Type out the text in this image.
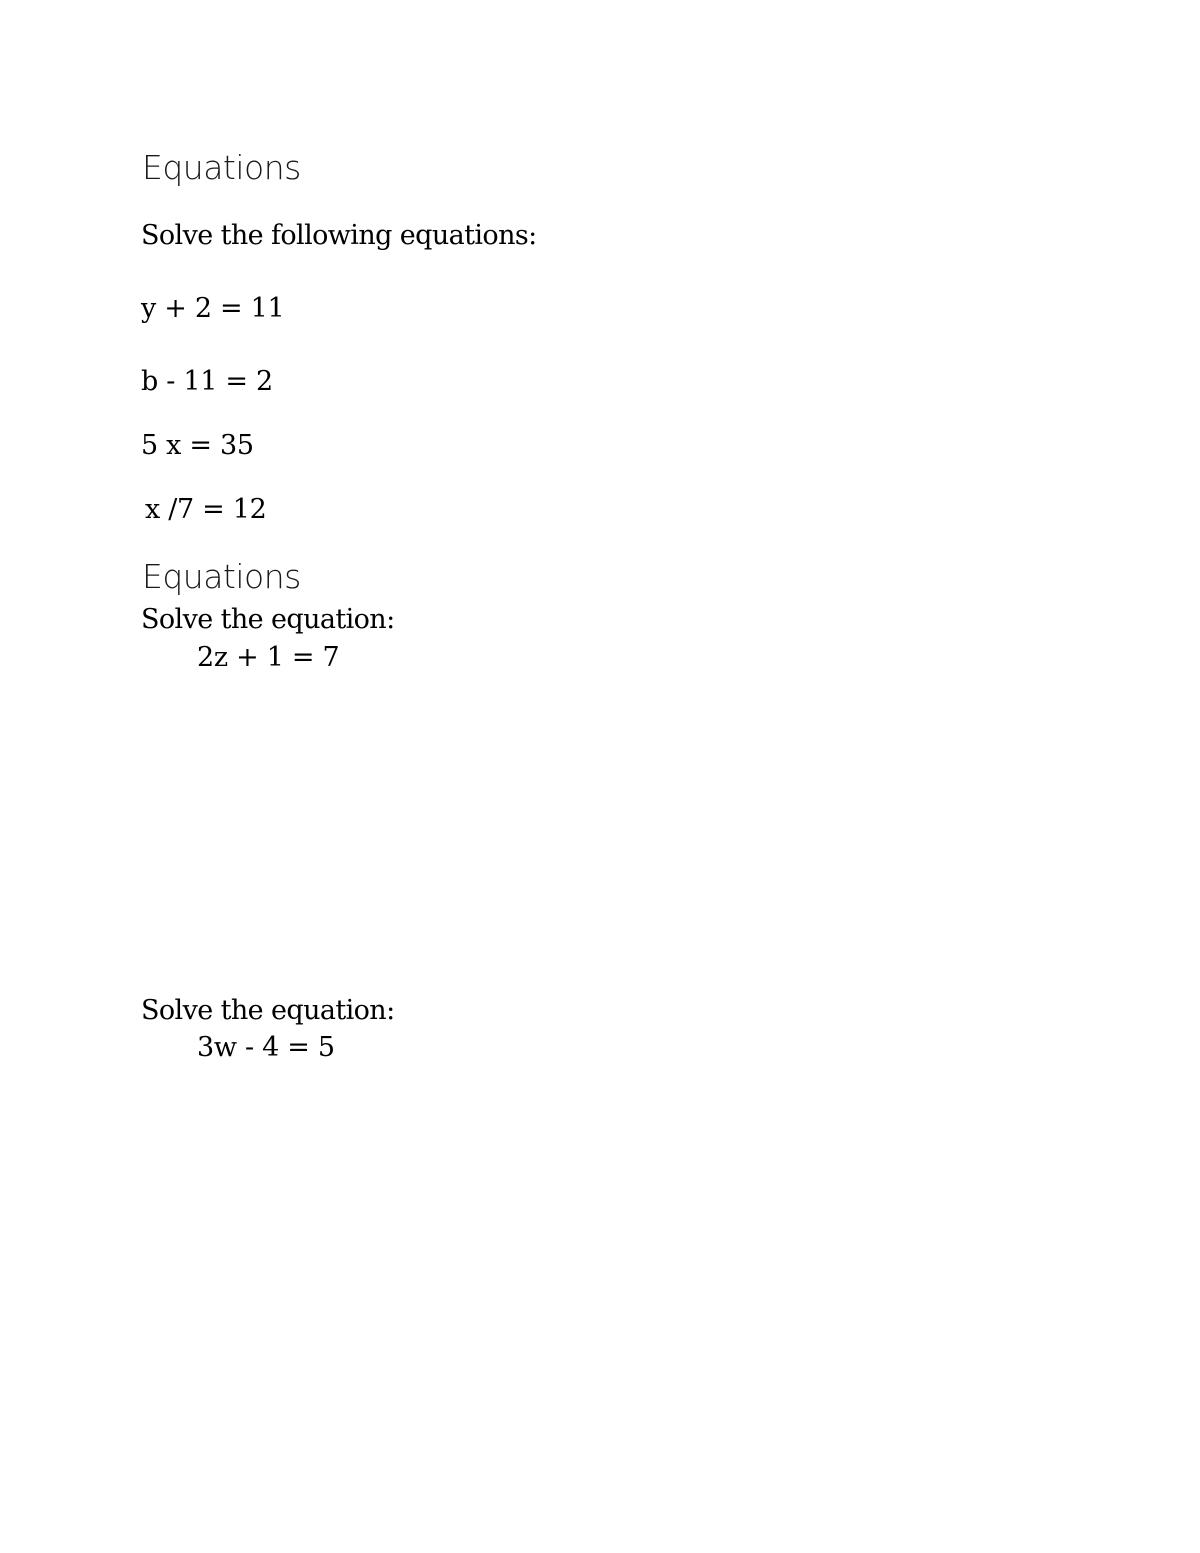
Equations

Solve the following equations:

y + 2 = 11

b - 11 = 2

5 x = 35

x /7 = 12

Equations

Solve the equation:

2z + 1 = 7

Solve the equation:

3w - 4 = 5
